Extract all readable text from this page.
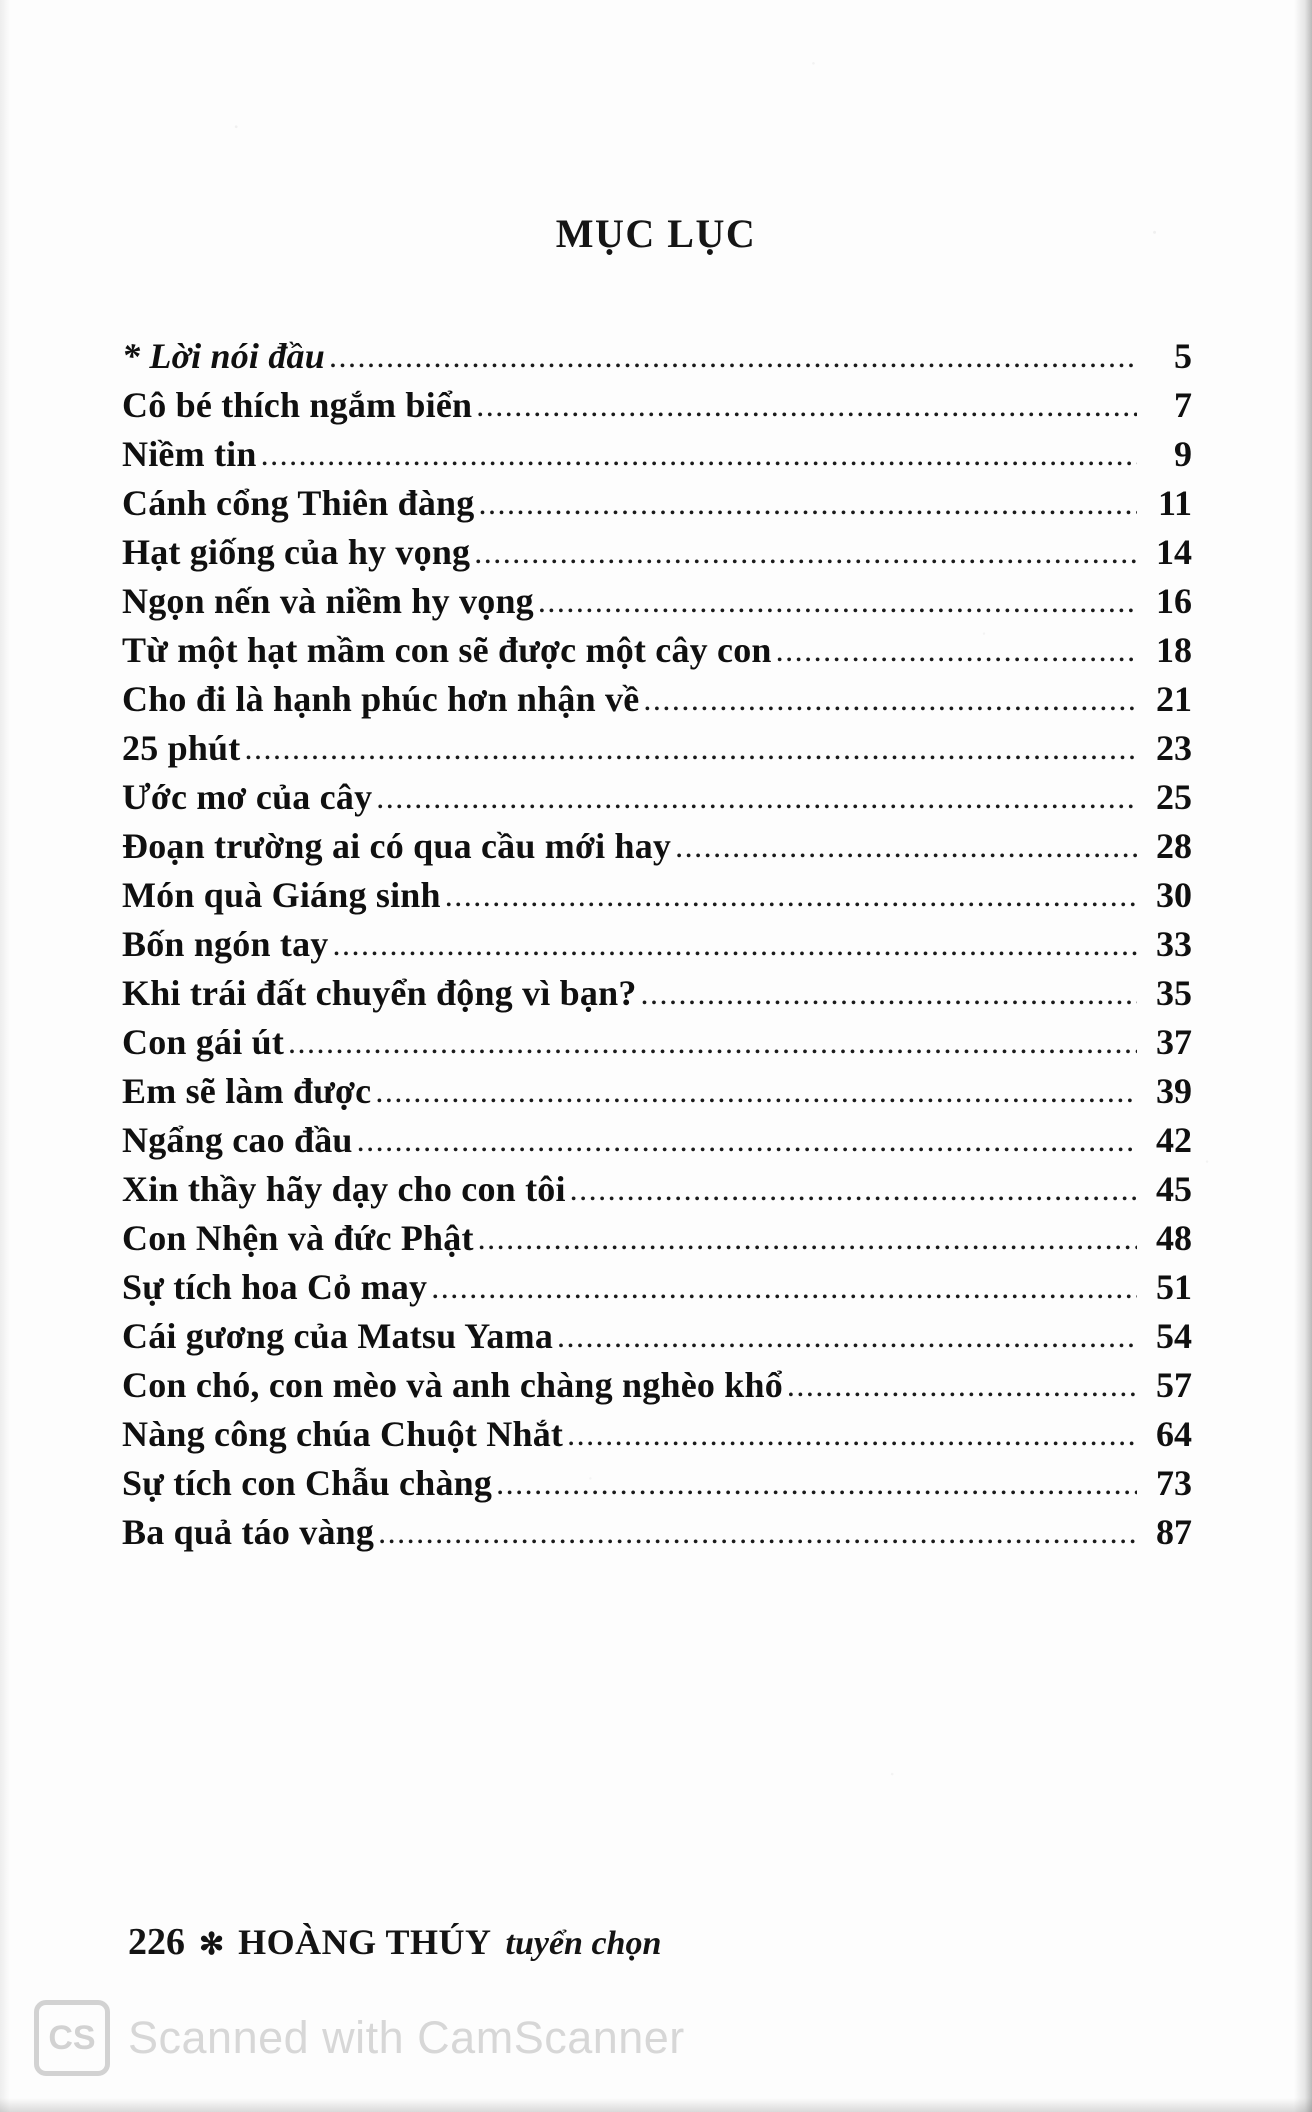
MỤC LỤC
* Lời nói đầu .....	5
Cô bé thích ngắm biển .....	7
Niềm tin .....	9
Cánh cổng Thiên đàng .....	11
Hạt giống của hy vọng .....	14
Ngọn nến và niềm hy vọng .....	16
Từ một hạt mầm con sẽ được một cây con .....	18
Cho đi là hạnh phúc hơn nhận về .....	21
25 phút .....	23
Ước mơ của cây .....	25
Đoạn trường ai có qua cầu mới hay .....	28
Món quà Giáng sinh .....	30
Bốn ngón tay .....	33
Khi trái đất chuyển động vì bạn? .....	35
Con gái út .....	37
Em sẽ làm được .....	39
Ngẩng cao đầu .....	42
Xin thầy hãy dạy cho con tôi .....	45
Con Nhện và đức Phật .....	48
Sự tích hoa Cỏ may .....	51
Cái gương của Matsu Yama .....	54
Con chó, con mèo và anh chàng nghèo khổ .....	57
Nàng công chúa Chuột Nhắt .....	64
Sự tích con Chẫu chàng .....	73
Ba quả táo vàng .....	87
226 ✻ HOÀNG THÚY tuyển chọn
CS Scanned with CamScanner
